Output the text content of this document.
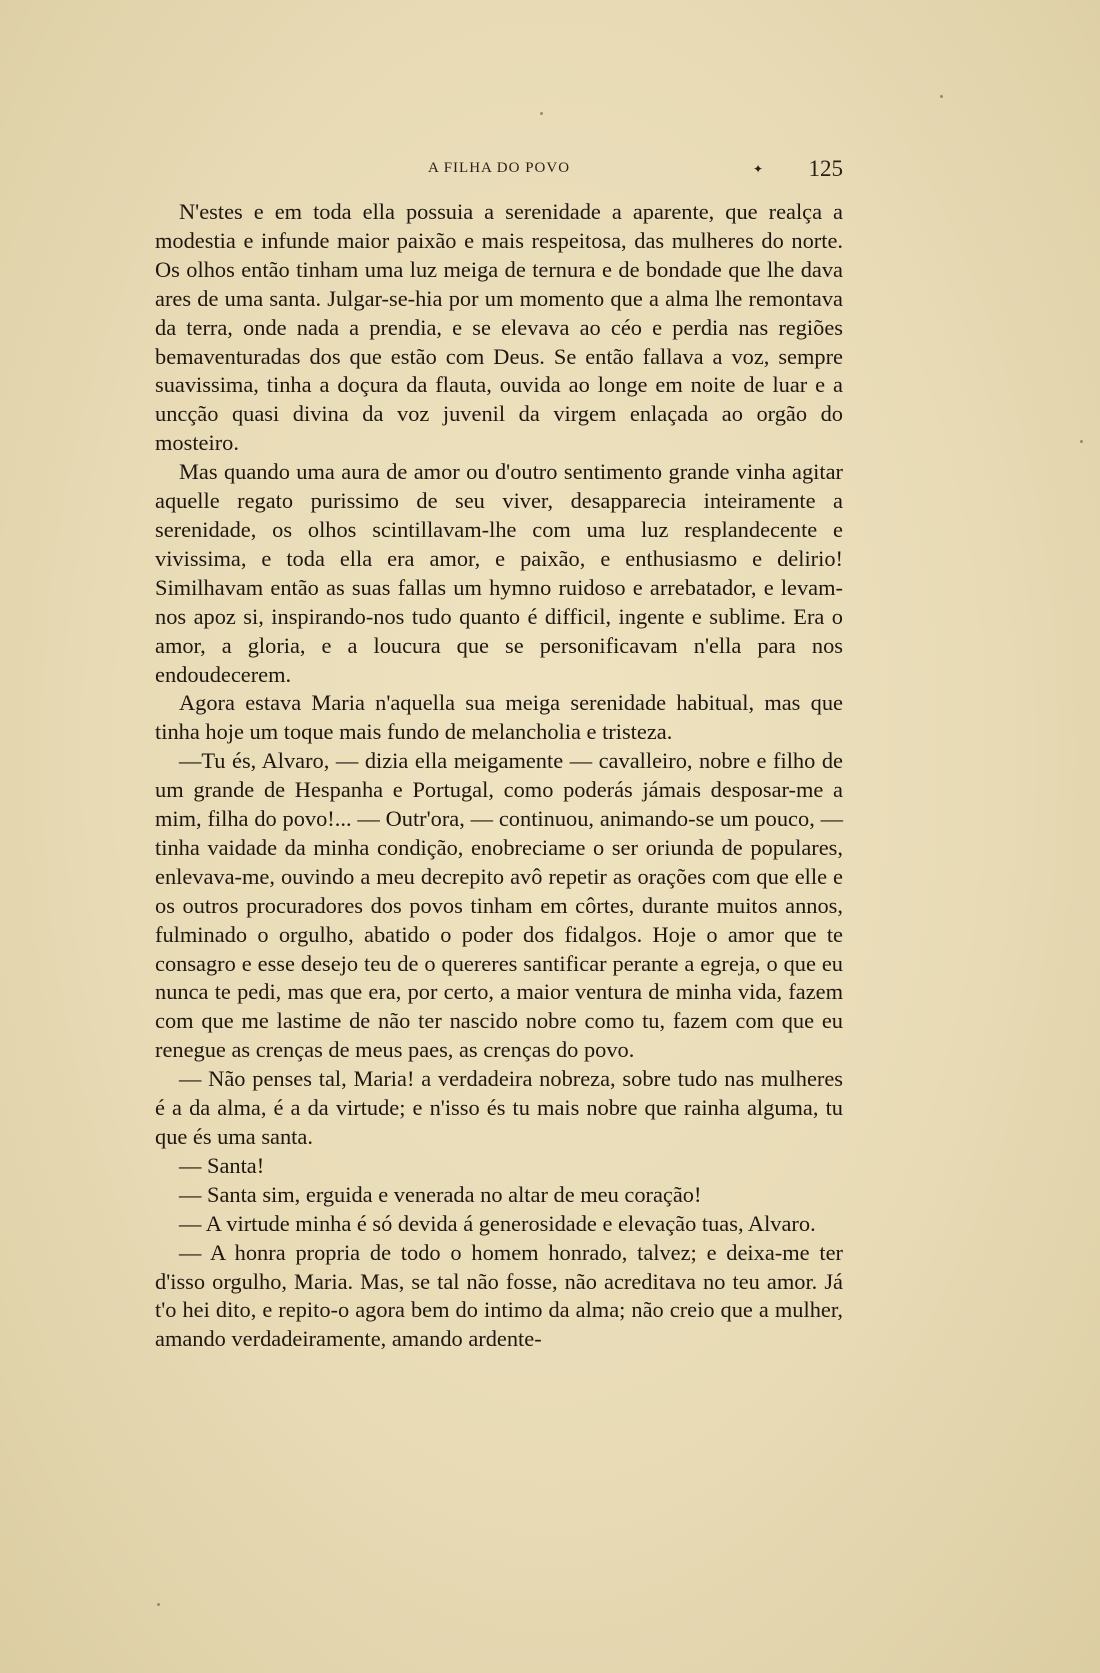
A FILHA DO POVO	✦ 125

N'estes e em toda ella possuia a serenidade a aparente, que realça a modestia e infunde maior paixão e mais respeitosa, das mulheres do norte. Os olhos então tinham uma luz meiga de ternura e de bondade que lhe dava ares de uma santa. Julgar-se-hia por um momento que a alma lhe remontava da terra, onde nada a prendia, e se elevava ao céo e perdia nas regiões bemaventuradas dos que estão com Deus. Se então fallava a voz, sempre suavissima, tinha a doçura da flauta, ouvida ao longe em noite de luar e a uncção quasi divina da voz juvenil da virgem enlaçada ao orgão do mosteiro.

Mas quando uma aura de amor ou d'outro sentimento grande vinha agitar aquelle regato purissimo de seu viver, desapparecia inteiramente a serenidade, os olhos scintillavam-lhe com uma luz resplandecente e vivissima, e toda ella era amor, e paixão, e enthusiasmo e delirio! Similhavam então as suas fallas um hymno ruidoso e arrebatador, e levam-nos apoz si, inspirando-nos tudo quanto é difficil, ingente e sublime. Era o amor, a gloria, e a loucura que se personificavam n'ella para nos endoudecerem.

Agora estava Maria n'aquella sua meiga serenidade habitual, mas que tinha hoje um toque mais fundo de melancholia e tristeza.

—Tu és, Alvaro, — dizia ella meigamente — cavalleiro, nobre e filho de um grande de Hespanha e Portugal, como poderás jámais desposar-me a mim, filha do povo!... — Outr'ora, — continuou, animando-se um pouco, — tinha vaidade da minha condição, enobreciame o ser oriunda de populares, enlevava-me, ouvindo a meu decrepito avô repetir as orações com que elle e os outros procuradores dos povos tinham em côrtes, durante muitos annos, fulminado o orgulho, abatido o poder dos fidalgos. Hoje o amor que te consagro e esse desejo teu de o quereres santificar perante a egreja, o que eu nunca te pedi, mas que era, por certo, a maior ventura de minha vida, fazem com que me lastime de não ter nascido nobre como tu, fazem com que eu renegue as crenças de meus paes, as crenças do povo.

— Não penses tal, Maria! a verdadeira nobreza, sobre tudo nas mulheres é a da alma, é a da virtude; e n'isso és tu mais nobre que rainha alguma, tu que és uma santa.

— Santa!

— Santa sim, erguida e venerada no altar de meu coração!

— A virtude minha é só devida á generosidade e elevação tuas, Alvaro.

— A honra propria de todo o homem honrado, talvez; e deixa-me ter d'isso orgulho, Maria. Mas, se tal não fosse, não acreditava no teu amor. Já t'o hei dito, e repito-o agora bem do intimo da alma; não creio que a mulher, amando verdadeiramente, amando ardente-
